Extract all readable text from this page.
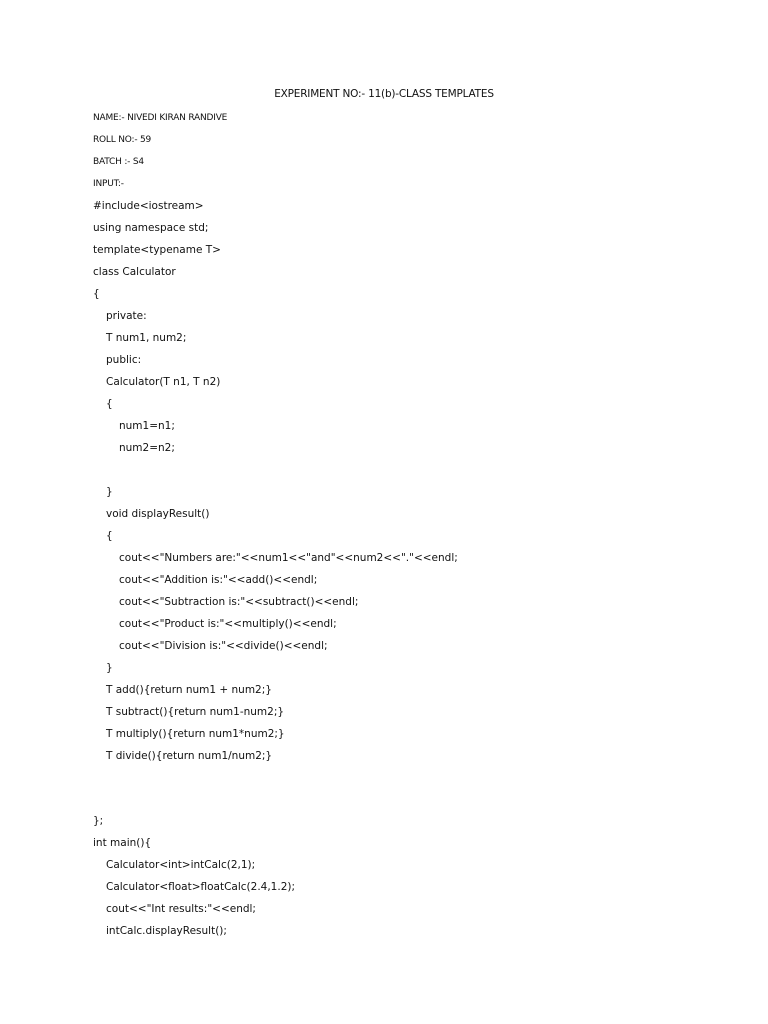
EXPERIMENT NO:- 11(b)-CLASS TEMPLATES
NAME:- NIVEDI KIRAN RANDIVE
ROLL NO:- 59
BATCH :- S4
INPUT:-
#include<iostream>
using namespace std;
template<typename T>
class Calculator
{
private:
T num1, num2;
public:
Calculator(T n1, T n2)
{
num1=n1;
num2=n2;
}
void displayResult()
{
cout<<"Numbers are:"<<num1<<"and"<<num2<<"."<<endl;
cout<<"Addition is:"<<add()<<endl;
cout<<"Subtraction is:"<<subtract()<<endl;
cout<<"Product is:"<<multiply()<<endl;
cout<<"Division is:"<<divide()<<endl;
}
T add(){return num1 + num2;}
T subtract(){return num1-num2;}
T multiply(){return num1*num2;}
T divide(){return num1/num2;}
};
int main(){
Calculator<int>intCalc(2,1);
Calculator<float>floatCalc(2.4,1.2);
cout<<"Int results:"<<endl;
intCalc.displayResult();
